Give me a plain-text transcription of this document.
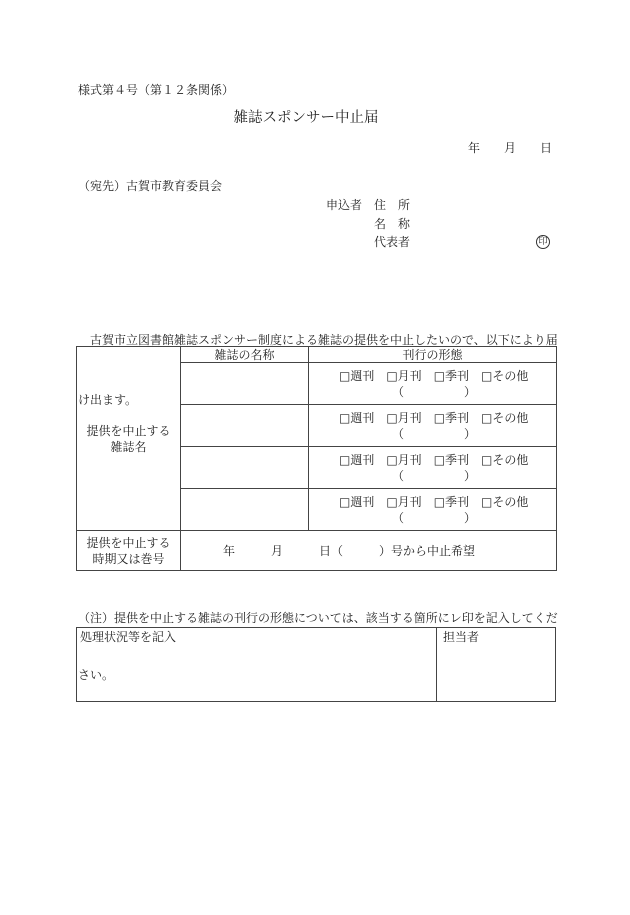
様式第４号（第１２条関係）
雑誌スポンサー中止届
年 月 日
（宛先）古賀市教育委員会
申込者 住　所
名　称
代表者	印

　古賀市立図書館雑誌スポンサー制度による雑誌の提供を中止したいので、以下により届

け出ます。

提供を中止する
雑誌名	雑誌の名称	刊行の形態

		□週刊 □月刊 □季刊 □その他
（　　　　　）

		□週刊 □月刊 □季刊 □その他
（　　　　　）

		□週刊 □月刊 □季刊 □その他
（　　　　　）

		□週刊 □月刊 □季刊 □その他
（　　　　　）

提供を中止する
時期又は巻号	年　　　月　　　日（　　　）号から中止希望	

（注）提供を中止する雑誌の刊行の形態については、該当する箇所にレ印を記入してくだ

さい。

処理状況等を記入	担当者
